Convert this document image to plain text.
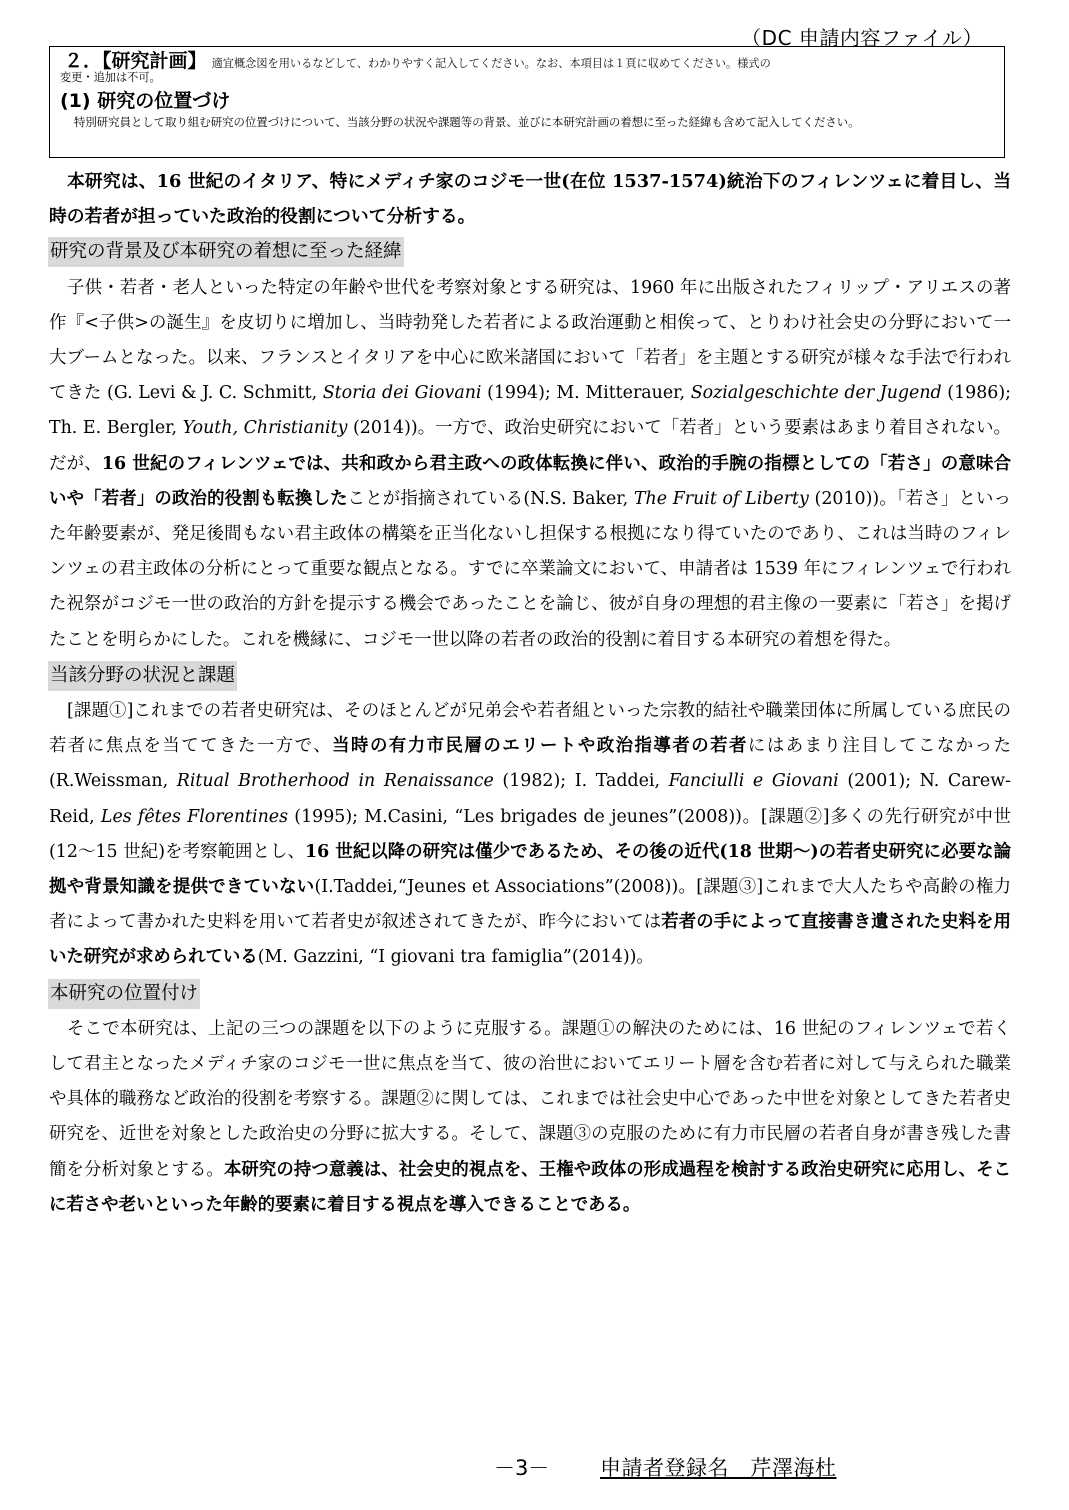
（DC 申請内容ファイル）
２．【研究計画】 適宜概念図を用いるなどして、わかりやすく記入してください。なお、本項目は１頁に収めてください。様式の
変更・追加は不可。
(1) 研究の位置づけ
特別研究員として取り組む研究の位置づけについて、当該分野の状況や課題等の背景、並びに本研究計画の着想に至った経緯も含めて記入してください。

本研究は、16 世紀のイタリア、特にメディチ家のコジモ一世(在位 1537-1574)統治下のフィレンツェに着目し、当時の若者が担っていた政治的役割について分析する。

研究の背景及び本研究の着想に至った経緯

子供・若者・老人といった特定の年齢や世代を考察対象とする研究は、1960 年に出版されたフィリップ・アリエスの著作『<子供>の誕生』を皮切りに増加し、当時勃発した若者による政治運動と相俟って、とりわけ社会史の分野において一大ブームとなった。以来、フランスとイタリアを中心に欧米諸国において「若者」を主題とする研究が様々な手法で行われてきた (G. Levi & J. C. Schmitt, Storia dei Giovani (1994); M. Mitterauer, Sozialgeschichte der Jugend (1986); Th. E. Bergler, Youth, Christianity (2014))。一方で、政治史研究において「若者」という要素はあまり着目されない。だが、16 世紀のフィレンツェでは、共和政から君主政への政体転換に伴い、政治的手腕の指標としての「若さ」の意味合いや「若者」の政治的役割も転換したことが指摘されている(N.S. Baker, The Fruit of Liberty (2010))。「若さ」といった年齢要素が、発足後間もない君主政体の構築を正当化ないし担保する根拠になり得ていたのであり、これは当時のフィレンツェの君主政体の分析にとって重要な観点となる。すでに卒業論文において、申請者は 1539 年にフィレンツェで行われた祝祭がコジモ一世の政治的方針を提示する機会であったことを論じ、彼が自身の理想的君主像の一要素に「若さ」を掲げたことを明らかにした。これを機縁に、コジモ一世以降の若者の政治的役割に着目する本研究の着想を得た。

当該分野の状況と課題

[課題①]これまでの若者史研究は、そのほとんどが兄弟会や若者組といった宗教的結社や職業団体に所属している庶民の若者に焦点を当ててきた一方で、当時の有力市民層のエリートや政治指導者の若者にはあまり注目してこなかった(R.Weissman, Ritual Brotherhood in Renaissance (1982); I. Taddei, Fanciulli e Giovani (2001); N. Carew-Reid, Les fêtes Florentines (1995); M.Casini, “Les brigades de jeunes”(2008))。[課題②]多くの先行研究が中世(12〜15 世紀)を考察範囲とし、16 世紀以降の研究は僅少であるため、その後の近代(18 世期〜)の若者史研究に必要な論拠や背景知識を提供できていない(I.Taddei,“Jeunes et Associations”(2008))。[課題③]これまで大人たちや高齢の権力者によって書かれた史料を用いて若者史が叙述されてきたが、昨今においては若者の手によって直接書き遺された史料を用いた研究が求められている(M. Gazzini, “I giovani tra famiglia”(2014))。

本研究の位置付け

そこで本研究は、上記の三つの課題を以下のように克服する。課題①の解決のためには、16 世紀のフィレンツェで若くして君主となったメディチ家のコジモ一世に焦点を当て、彼の治世においてエリート層を含む若者に対して与えられた職業や具体的職務など政治的役割を考察する。課題②に関しては、これまでは社会史中心であった中世を対象としてきた若者史研究を、近世を対象とした政治史の分野に拡大する。そして、課題③の克服のために有力市民層の若者自身が書き残した書簡を分析対象とする。本研究の持つ意義は、社会史的視点を、王権や政体の形成過程を検討する政治史研究に応用し、そこに若さや老いといった年齢的要素に着目する視点を導入できることである。

－3－ 申請者登録名　芹澤海杜
